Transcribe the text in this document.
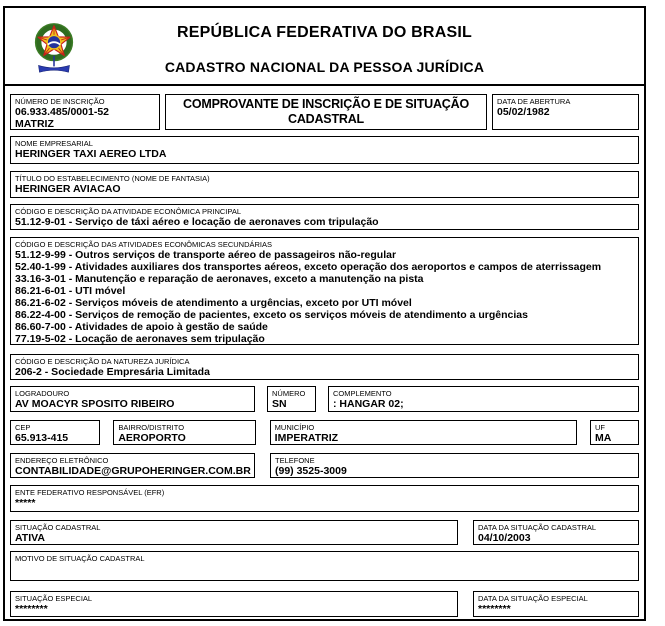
REPÚBLICA FEDERATIVA DO BRASIL
CADASTRO NACIONAL DA PESSOA JURÍDICA
NÚMERO DE INSCRIÇÃO
06.933.485/0001-52
MATRIZ
COMPROVANTE DE INSCRIÇÃO E DE SITUAÇÃO CADASTRAL
DATA DE ABERTURA
05/02/1982
NOME EMPRESARIAL
HERINGER TAXI AEREO LTDA
TÍTULO DO ESTABELECIMENTO (NOME DE FANTASIA)
HERINGER AVIACAO
CÓDIGO E DESCRIÇÃO DA ATIVIDADE ECONÔMICA PRINCIPAL
51.12-9-01 - Serviço de táxi aéreo e locação de aeronaves com tripulação
CÓDIGO E DESCRIÇÃO DAS ATIVIDADES ECONÔMICAS SECUNDÁRIAS
51.12-9-99 - Outros serviços de transporte aéreo de passageiros não-regular
52.40-1-99 - Atividades auxiliares dos transportes aéreos, exceto operação dos aeroportos e campos de aterrissagem
33.16-3-01 - Manutenção e reparação de aeronaves, exceto a manutenção na pista
86.21-6-01 - UTI móvel
86.21-6-02 - Serviços móveis de atendimento a urgências, exceto por UTI móvel
86.22-4-00 - Serviços de remoção de pacientes, exceto os serviços móveis de atendimento a urgências
86.60-7-00 - Atividades de apoio à gestão de saúde
77.19-5-02 - Locação de aeronaves sem tripulação
CÓDIGO E DESCRIÇÃO DA NATUREZA JURÍDICA
206-2 - Sociedade Empresária Limitada
LOGRADOURO
AV MOACYR SPOSITO RIBEIRO
NÚMERO
SN
COMPLEMENTO
: HANGAR 02;
CEP
65.913-415
BAIRRO/DISTRITO
AEROPORTO
MUNICÍPIO
IMPERATRIZ
UF
MA
ENDEREÇO ELETRÔNICO
CONTABILIDADE@GRUPOHERINGER.COM.BR
TELEFONE
(99) 3525-3009
ENTE FEDERATIVO RESPONSÁVEL (EFR)
*****
SITUAÇÃO CADASTRAL
ATIVA
DATA DA SITUAÇÃO CADASTRAL
04/10/2003
MOTIVO DE SITUAÇÃO CADASTRAL
SITUAÇÃO ESPECIAL
********
DATA DA SITUAÇÃO ESPECIAL
********
